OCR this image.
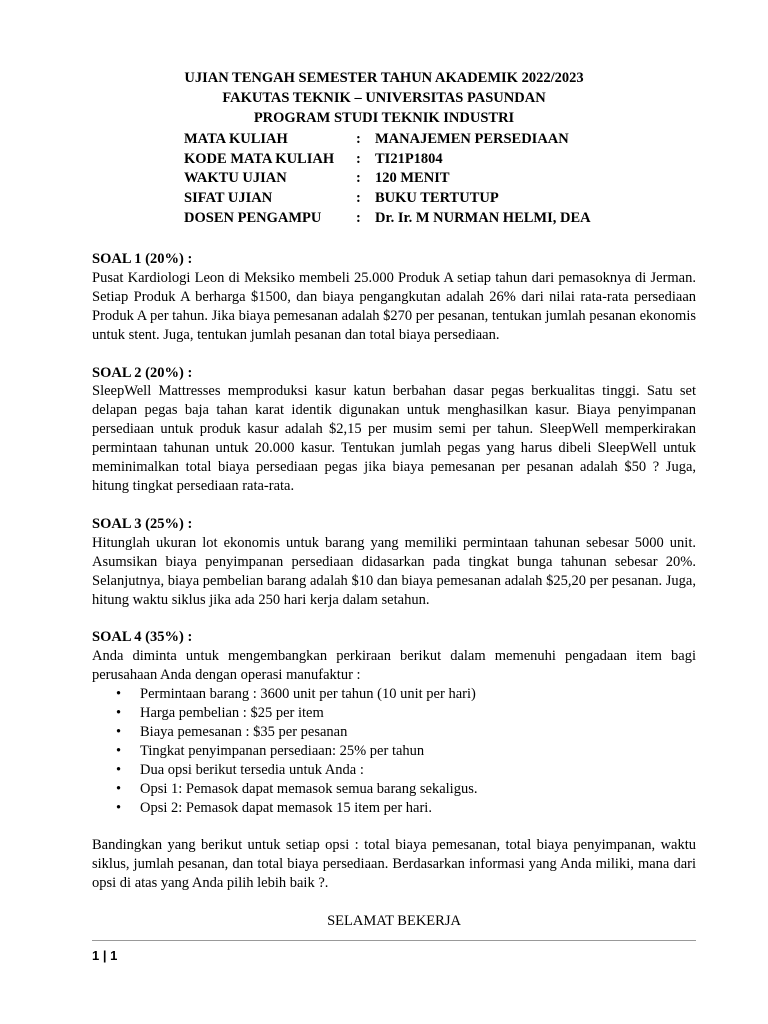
UJIAN TENGAH SEMESTER TAHUN AKADEMIK 2022/2023
FAKUTAS TEKNIK – UNIVERSITAS PASUNDAN
PROGRAM STUDI TEKNIK INDUSTRI
MATA KULIAH	: MANAJEMEN PERSEDIAAN
KODE MATA KULIAH	: TI21P1804
WAKTU UJIAN	: 120 MENIT
SIFAT UJIAN	: BUKU TERTUTUP
DOSEN PENGAMPU	: Dr. Ir. M NURMAN HELMI, DEA
SOAL 1 (20%) :
Pusat Kardiologi Leon di Meksiko membeli 25.000 Produk A setiap tahun dari pemasoknya di Jerman. Setiap Produk A berharga $1500, dan biaya pengangkutan adalah 26% dari nilai rata-rata persediaan Produk A per tahun. Jika biaya pemesanan adalah $270 per pesanan, tentukan jumlah pesanan ekonomis untuk stent. Juga, tentukan jumlah pesanan dan total biaya persediaan.
SOAL 2 (20%) :
SleepWell Mattresses memproduksi kasur katun berbahan dasar pegas berkualitas tinggi. Satu set delapan pegas baja tahan karat identik digunakan untuk menghasilkan kasur. Biaya penyimpanan persediaan untuk produk kasur adalah $2,15 per musim semi per tahun. SleepWell memperkirakan permintaan tahunan untuk 20.000 kasur. Tentukan jumlah pegas yang harus dibeli SleepWell untuk meminimalkan total biaya persediaan pegas jika biaya pemesanan per pesanan adalah $50 ? Juga, hitung tingkat persediaan rata-rata.
SOAL 3 (25%) :
Hitunglah ukuran lot ekonomis untuk barang yang memiliki permintaan tahunan sebesar 5000 unit. Asumsikan biaya penyimpanan persediaan didasarkan pada tingkat bunga tahunan sebesar 20%. Selanjutnya, biaya pembelian barang adalah $10 dan biaya pemesanan adalah $25,20 per pesanan. Juga, hitung waktu siklus jika ada 250 hari kerja dalam setahun.
SOAL 4 (35%) :
Anda diminta untuk mengembangkan perkiraan berikut dalam memenuhi pengadaan item bagi perusahaan Anda dengan operasi manufaktur :
• Permintaan barang : 3600 unit per tahun (10 unit per hari)
• Harga pembelian : $25 per item
• Biaya pemesanan : $35 per pesanan
• Tingkat penyimpanan persediaan: 25% per tahun
• Dua opsi berikut tersedia untuk Anda :
• Opsi 1: Pemasok dapat memasok semua barang sekaligus.
• Opsi 2: Pemasok dapat memasok 15 item per hari.
Bandingkan yang berikut untuk setiap opsi : total biaya pemesanan, total biaya penyimpanan, waktu siklus, jumlah pesanan, dan total biaya persediaan. Berdasarkan informasi yang Anda miliki, mana dari opsi di atas yang Anda pilih lebih baik ?.
SELAMAT BEKERJA
1 | 1
